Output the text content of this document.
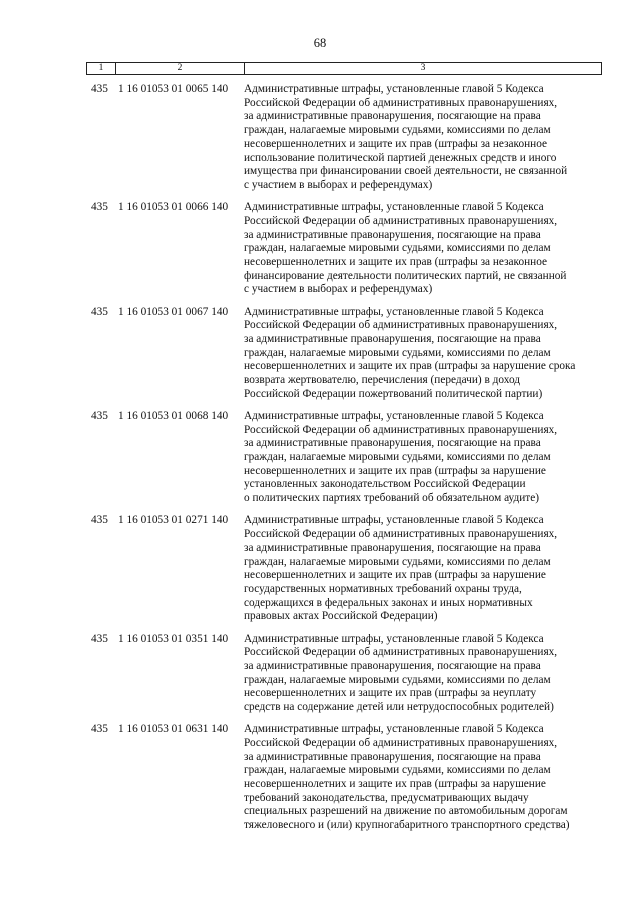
68
1	2	3
435 1 16 01053 01 0065 140	Административные штрафы, установленные главой 5 Кодекса
Российской Федерации об административных правонарушениях,
за административные правонарушения, посягающие на права
граждан, налагаемые мировыми судьями, комиссиями по делам
несовершеннолетних и защите их прав (штрафы за незаконное
использование политической партией денежных средств и иного
имущества при финансировании своей деятельности, не связанной
с участием в выборах и референдумах)
435 1 16 01053 01 0066 140	Административные штрафы, установленные главой 5 Кодекса
Российской Федерации об административных правонарушениях,
за административные правонарушения, посягающие на права
граждан, налагаемые мировыми судьями, комиссиями по делам
несовершеннолетних и защите их прав (штрафы за незаконное
финансирование деятельности политических партий, не связанной
с участием в выборах и референдумах)
435 1 16 01053 01 0067 140	Административные штрафы, установленные главой 5 Кодекса
Российской Федерации об административных правонарушениях,
за административные правонарушения, посягающие на права
граждан, налагаемые мировыми судьями, комиссиями по делам
несовершеннолетних и защите их прав (штрафы за нарушение срока
возврата жертвователю, перечисления (передачи) в доход
Российской Федерации пожертвований политической партии)
435 1 16 01053 01 0068 140	Административные штрафы, установленные главой 5 Кодекса
Российской Федерации об административных правонарушениях,
за административные правонарушения, посягающие на права
граждан, налагаемые мировыми судьями, комиссиями по делам
несовершеннолетних и защите их прав (штрафы за нарушение
установленных законодательством Российской Федерации
о политических партиях требований об обязательном аудите)
435 1 16 01053 01 0271 140	Административные штрафы, установленные главой 5 Кодекса
Российской Федерации об административных правонарушениях,
за административные правонарушения, посягающие на права
граждан, налагаемые мировыми судьями, комиссиями по делам
несовершеннолетних и защите их прав (штрафы за нарушение
государственных нормативных требований охраны труда,
содержащихся в федеральных законах и иных нормативных
правовых актах Российской Федерации)
435 1 16 01053 01 0351 140	Административные штрафы, установленные главой 5 Кодекса
Российской Федерации об административных правонарушениях,
за административные правонарушения, посягающие на права
граждан, налагаемые мировыми судьями, комиссиями по делам
несовершеннолетних и защите их прав (штрафы за неуплату
средств на содержание детей или нетрудоспособных родителей)
435 1 16 01053 01 0631 140	Административные штрафы, установленные главой 5 Кодекса
Российской Федерации об административных правонарушениях,
за административные правонарушения, посягающие на права
граждан, налагаемые мировыми судьями, комиссиями по делам
несовершеннолетних и защите их прав (штрафы за нарушение
требований законодательства, предусматривающих выдачу
специальных разрешений на движение по автомобильным дорогам
тяжеловесного и (или) крупногабаритного транспортного средства)
